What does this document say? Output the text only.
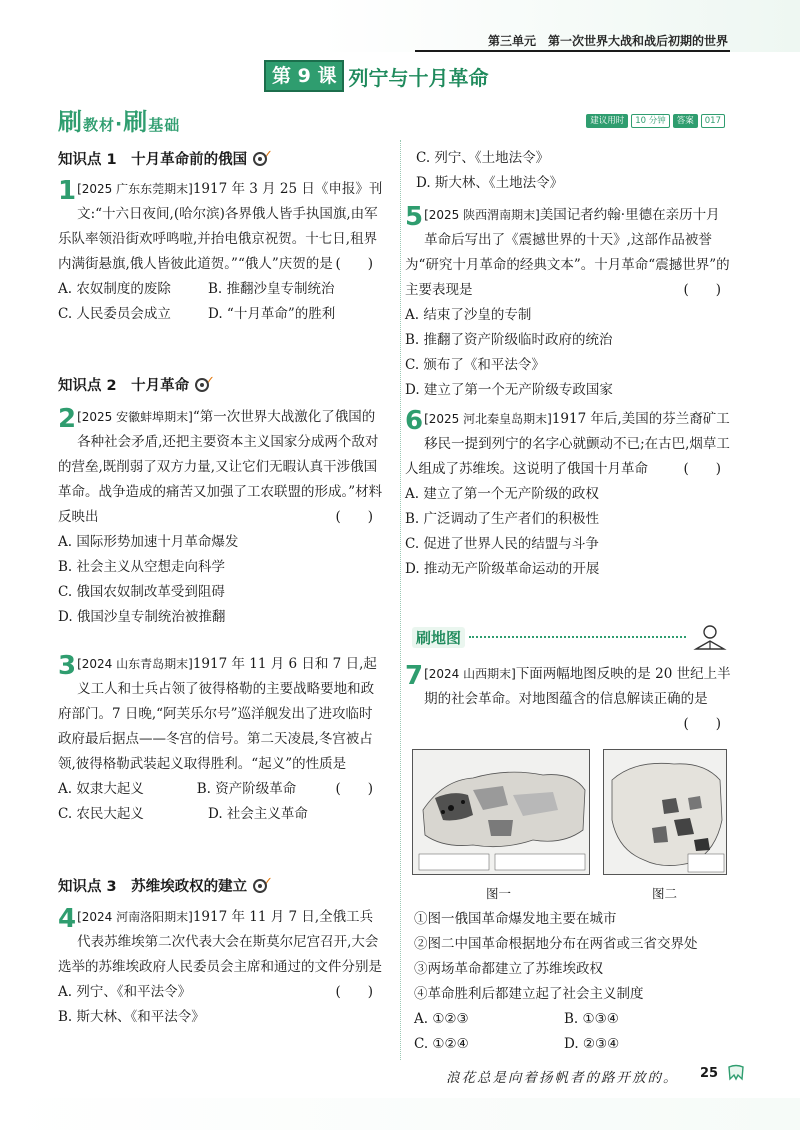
第三单元　第一次世界大战和战后初期的世界
第 9 课 列宁与十月革命
刷教材·刷基础	建议用时	10 分钟	答案	017
知识点 1　十月革命前的俄国 ✓
1 [2025 广东东莞期末]1917 年 3 月 25 日《申报》刊文:“十六日夜间,(哈尔滨)各界俄人皆手执国旗,由军乐队率领沿街欢呼鸣啦,并抬电俄京祝贺。十七日,租界内满街悬旗,俄人皆彼此道贺。”“俄人”庆贺的是 (　　)
A. 农奴制度的废除	B. 推翻沙皇专制统治
C. 人民委员会成立	D. “十月革命”的胜利
知识点 2　十月革命 ✓
2 [2025 安徽蚌埠期末]“第一次世界大战激化了俄国的各种社会矛盾,还把主要资本主义国家分成两个敌对的营垒,既削弱了双方力量,又让它们无暇认真干涉俄国革命。战争造成的痛苦又加强了工农联盟的形成。”材料反映出	(　　)
A. 国际形势加速十月革命爆发
B. 社会主义从空想走向科学
C. 俄国农奴制改革受到阻碍
D. 俄国沙皇专制统治被推翻
3 [2024 山东青岛期末]1917 年 11 月 6 日和 7 日,起义工人和士兵占领了彼得格勒的主要战略要地和政府部门。7 日晚,“阿芙乐尔号”巡洋舰发出了进攻临时政府最后据点——冬宫的信号。第二天凌晨,冬宫被占领,彼得格勒武装起义取得胜利。“起义”的性质是
(　　)
A. 奴隶大起义	B. 资产阶级革命
C. 农民大起义	D. 社会主义革命
知识点 3　苏维埃政权的建立 ✓
4 [2024 河南洛阳期末]1917 年 11 月 7 日,全俄工兵代表苏维埃第二次代表大会在斯莫尔尼宫召开,大会选举的苏维埃政府人民委员会主席和通过的文件分别是
(　　)
A. 列宁、《和平法令》
B. 斯大林、《和平法令》
C. 列宁、《土地法令》
D. 斯大林、《土地法令》
5 [2025 陕西渭南期末]美国记者约翰·里德在亲历十月革命后写出了《震撼世界的十天》,这部作品被誉为“研究十月革命的经典文本”。十月革命“震撼世界”的主要表现是	(　　)
A. 结束了沙皇的专制
B. 推翻了资产阶级临时政府的统治
C. 颁布了《和平法令》
D. 建立了第一个无产阶级专政国家
6 [2025 河北秦皇岛期末]1917 年后,美国的芬兰裔矿工移民一提到列宁的名字心就颤动不已;在古巴,烟草工人组成了苏维埃。这说明了俄国十月革命	(　　)
A. 建立了第一个无产阶级的政权
B. 广泛调动了生产者们的积极性
C. 促进了世界人民的结盟与斗争
D. 推动无产阶级革命运动的开展
刷地图
7 [2024 山西期末]下面两幅地图反映的是 20 世纪上半期的社会革命。对地图蕴含的信息解读正确的是
(　　)
图一	图二
①图一俄国革命爆发地主要在城市
②图二中国革命根据地分布在两省或三省交界处
③两场革命都建立了苏维埃政权
④革命胜利后都建立起了社会主义制度
A. ①②③	B. ①③④
C. ①②④	D. ②③④
浪花总是向着扬帆者的路开放的。 25
